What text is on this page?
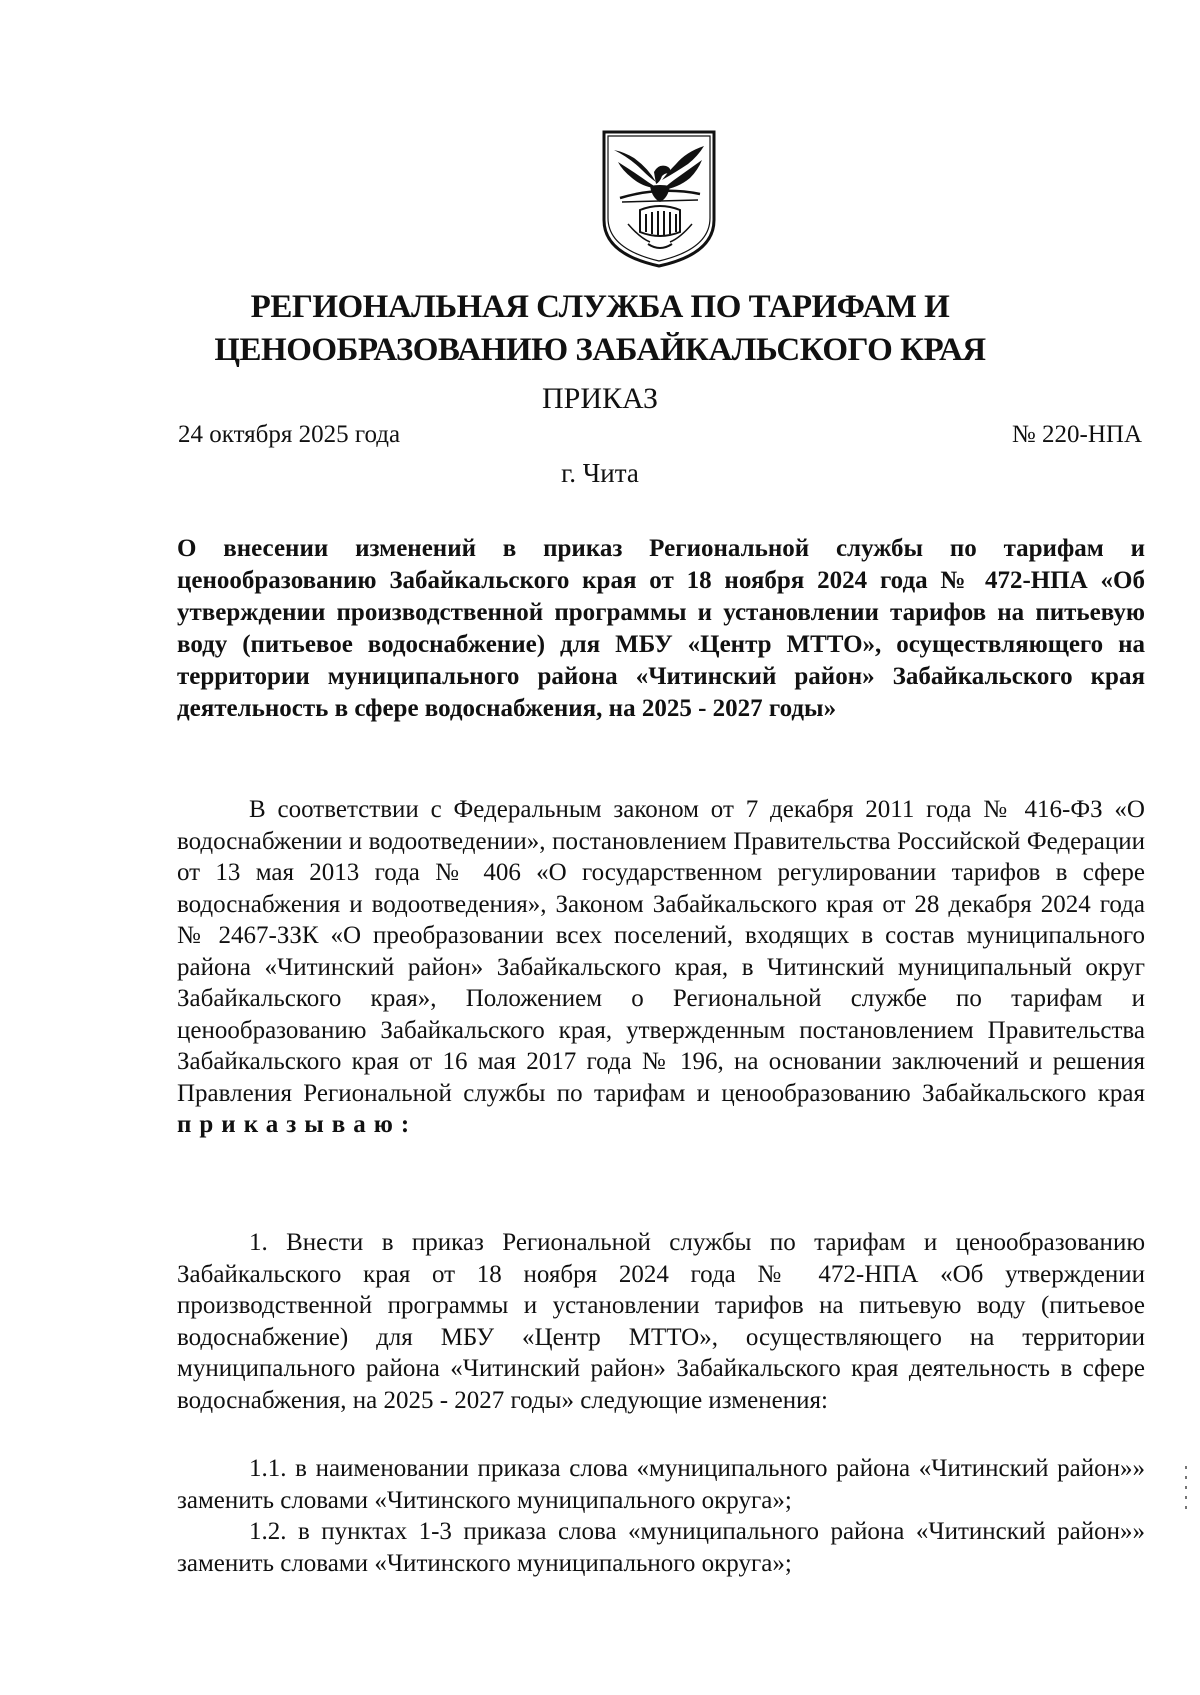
РЕГИОНАЛЬНАЯ СЛУЖБА ПО ТАРИФАМ И
ЦЕНООБРАЗОВАНИЮ ЗАБАЙКАЛЬСКОГО КРАЯ
ПРИКАЗ
24 октября 2025 года	№ 220-НПА
г. Чита
О внесении изменений в приказ Региональной службы по тарифам и ценообразованию Забайкальского края от 18 ноября 2024 года № 472-НПА «Об утверждении производственной программы и установлении тарифов на питьевую воду (питьевое водоснабжение) для МБУ «Центр МТТО», осуществляющего на территории муниципального района «Читинский район» Забайкальского края деятельность в сфере водоснабжения, на 2025 - 2027 годы»

В соответствии с Федеральным законом от 7 декабря 2011 года № 416-ФЗ «О водоснабжении и водоотведении», постановлением Правительства Российской Федерации от 13 мая 2013 года № 406 «О государственном регулировании тарифов в сфере водоснабжения и водоотведения», Законом Забайкальского края от 28 декабря 2024 года № 2467-ЗЗК «О преобразовании всех поселений, входящих в состав муниципального района «Читинский район» Забайкальского края, в Читинский муниципальный округ Забайкальского края», Положением о Региональной службе по тарифам и ценообразованию Забайкальского края, утвержденным постановлением Правительства Забайкальского края от 16 мая 2017 года № 196, на основании заключений и решения Правления Региональной службы по тарифам и ценообразованию Забайкальского края приказываю:

1. Внести в приказ Региональной службы по тарифам и ценообразованию Забайкальского края от 18 ноября 2024 года № 472-НПА «Об утверждении производственной программы и установлении тарифов на питьевую воду (питьевое водоснабжение) для МБУ «Центр МТТО», осуществляющего на территории муниципального района «Читинский район» Забайкальского края деятельность в сфере водоснабжения, на 2025 - 2027 годы» следующие изменения:

1.1. в наименовании приказа слова «муниципального района «Читинский район»» заменить словами «Читинского муниципального округа»;

1.2. в пунктах 1-3 приказа слова «муниципального района «Читинский район»» заменить словами «Читинского муниципального округа»;
